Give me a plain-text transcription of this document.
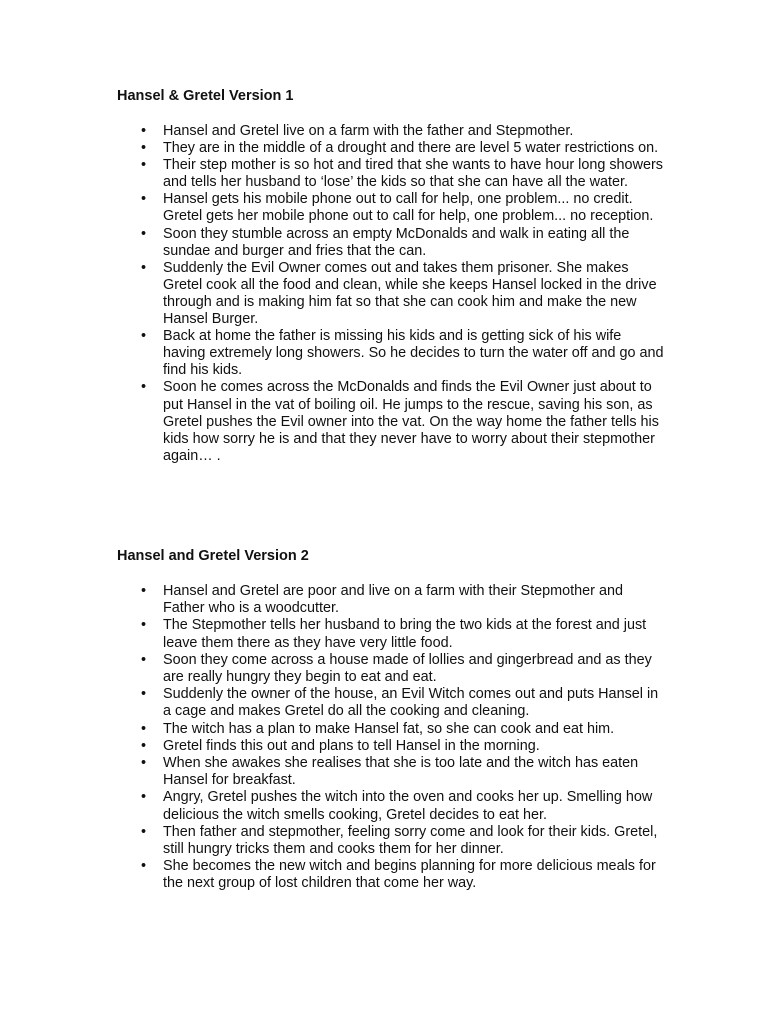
Hansel & Gretel Version 1
• Hansel and Gretel live on a farm with the father and Stepmother.
• They are in the middle of a drought and there are level 5 water restrictions on.
• Their step mother is so hot and tired that she wants to have hour long showers and tells her husband to ‘lose’ the kids so that she can have all the water.
• Hansel gets his mobile phone out to call for help, one problem... no credit. Gretel gets her mobile phone out to call for help, one problem... no reception.
• Soon they stumble across an empty McDonalds and walk in eating all the sundae and burger and fries that the can.
• Suddenly the Evil Owner comes out and takes them prisoner. She makes Gretel cook all the food and clean, while she keeps Hansel locked in the drive through and is making him fat so that she can cook him and make the new Hansel Burger.
• Back at home the father is missing his kids and is getting sick of his wife having extremely long showers. So he decides to turn the water off and go and find his kids.
• Soon he comes across the McDonalds and finds the Evil Owner just about to put Hansel in the vat of boiling oil. He jumps to the rescue, saving his son, as Gretel pushes the Evil owner into the vat. On the way home the father tells his kids how sorry he is and that they never have to worry about their stepmother again… .
Hansel and Gretel Version 2
• Hansel and Gretel are poor and live on a farm with their Stepmother and Father who is a woodcutter.
• The Stepmother tells her husband to bring the two kids at the forest and just leave them there as they have very little food.
• Soon they come across a house made of lollies and gingerbread and as they are really hungry they begin to eat and eat.
• Suddenly the owner of the house, an Evil Witch comes out and puts Hansel in a cage and makes Gretel do all the cooking and cleaning.
• The witch has a plan to make Hansel fat, so she can cook and eat him.
• Gretel finds this out and plans to tell Hansel in the morning.
• When she awakes she realises that she is too late and the witch has eaten Hansel for breakfast.
• Angry, Gretel pushes the witch into the oven and cooks her up. Smelling how delicious the witch smells cooking, Gretel decides to eat her.
• Then father and stepmother, feeling sorry come and look for their kids. Gretel, still hungry tricks them and cooks them for her dinner.
• She becomes the new witch and begins planning for more delicious meals for the next group of lost children that come her way.
